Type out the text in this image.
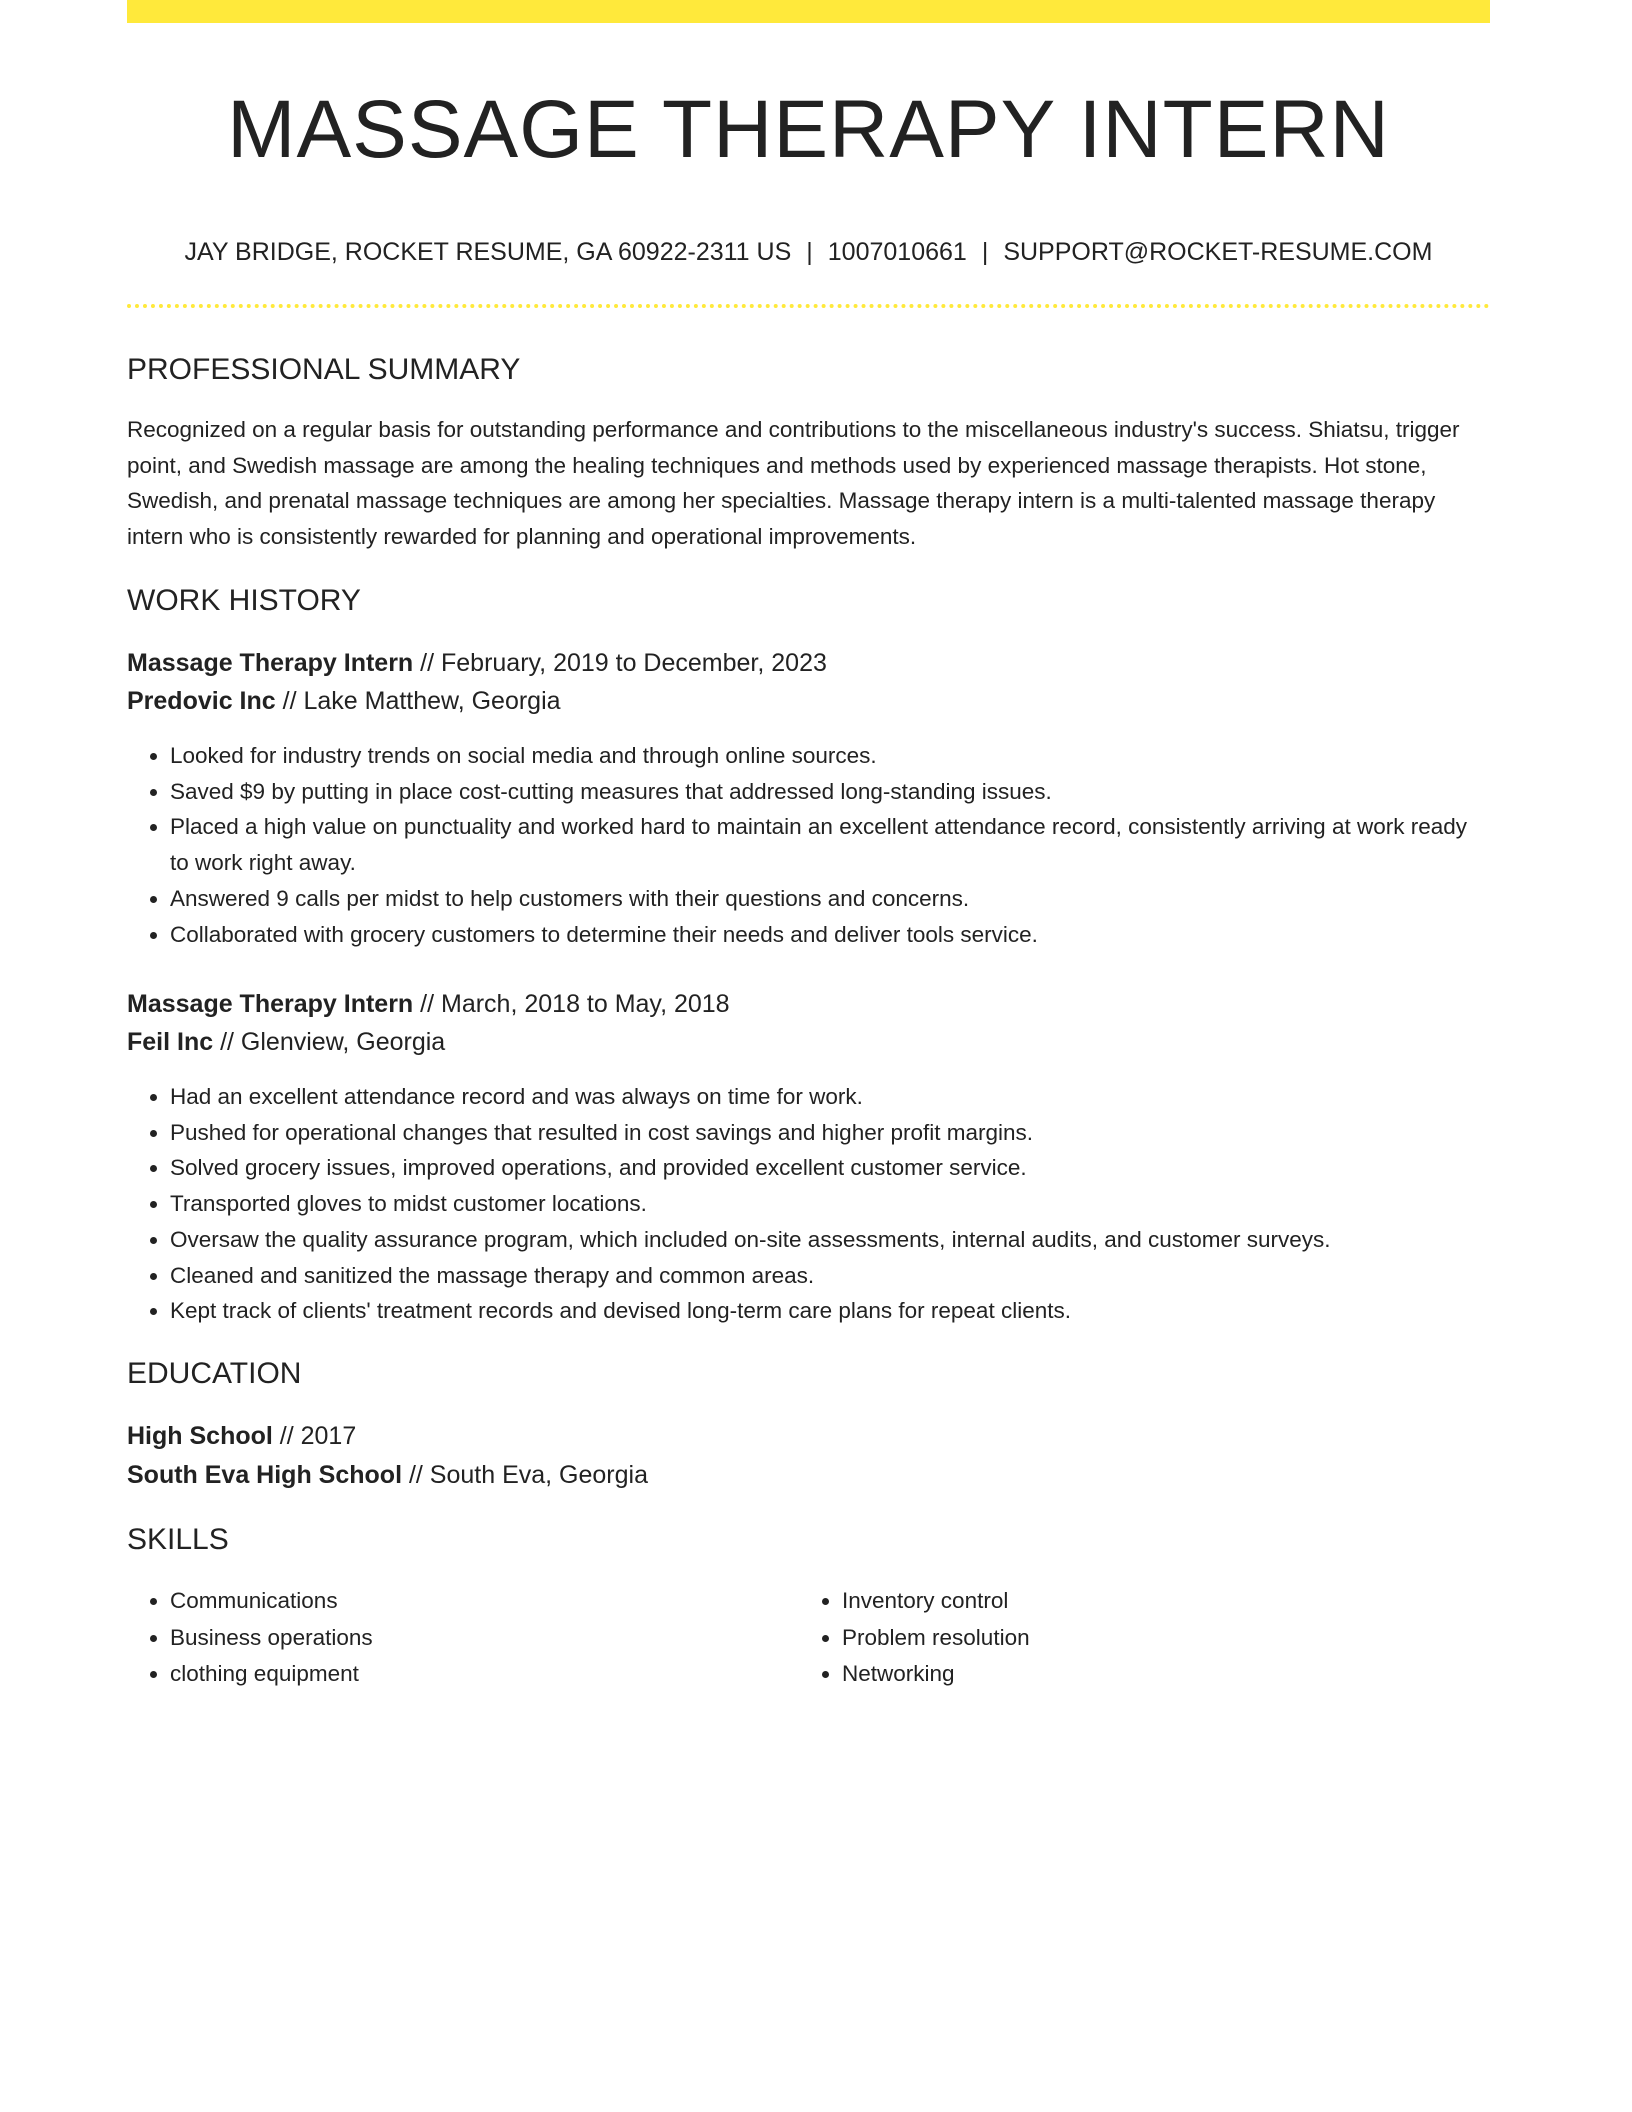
MASSAGE THERAPY INTERN
JAY BRIDGE, ROCKET RESUME, GA 60922-2311 US | 1007010661 | SUPPORT@ROCKET-RESUME.COM
PROFESSIONAL SUMMARY
Recognized on a regular basis for outstanding performance and contributions to the miscellaneous industry's success. Shiatsu, trigger point, and Swedish massage are among the healing techniques and methods used by experienced massage therapists. Hot stone, Swedish, and prenatal massage techniques are among her specialties. Massage therapy intern is a multi-talented massage therapy intern who is consistently rewarded for planning and operational improvements.
WORK HISTORY
Massage Therapy Intern // February, 2019 to December, 2023
Predovic Inc // Lake Matthew, Georgia
• Looked for industry trends on social media and through online sources.
• Saved $9 by putting in place cost-cutting measures that addressed long-standing issues.
• Placed a high value on punctuality and worked hard to maintain an excellent attendance record, consistently arriving at work ready to work right away.
• Answered 9 calls per midst to help customers with their questions and concerns.
• Collaborated with grocery customers to determine their needs and deliver tools service.
Massage Therapy Intern // March, 2018 to May, 2018
Feil Inc // Glenview, Georgia
• Had an excellent attendance record and was always on time for work.
• Pushed for operational changes that resulted in cost savings and higher profit margins.
• Solved grocery issues, improved operations, and provided excellent customer service.
• Transported gloves to midst customer locations.
• Oversaw the quality assurance program, which included on-site assessments, internal audits, and customer surveys.
• Cleaned and sanitized the massage therapy and common areas.
• Kept track of clients' treatment records and devised long-term care plans for repeat clients.
EDUCATION
High School // 2017
South Eva High School // South Eva, Georgia
SKILLS
• Communications
• Business operations
• clothing equipment
• Inventory control
• Problem resolution
• Networking
